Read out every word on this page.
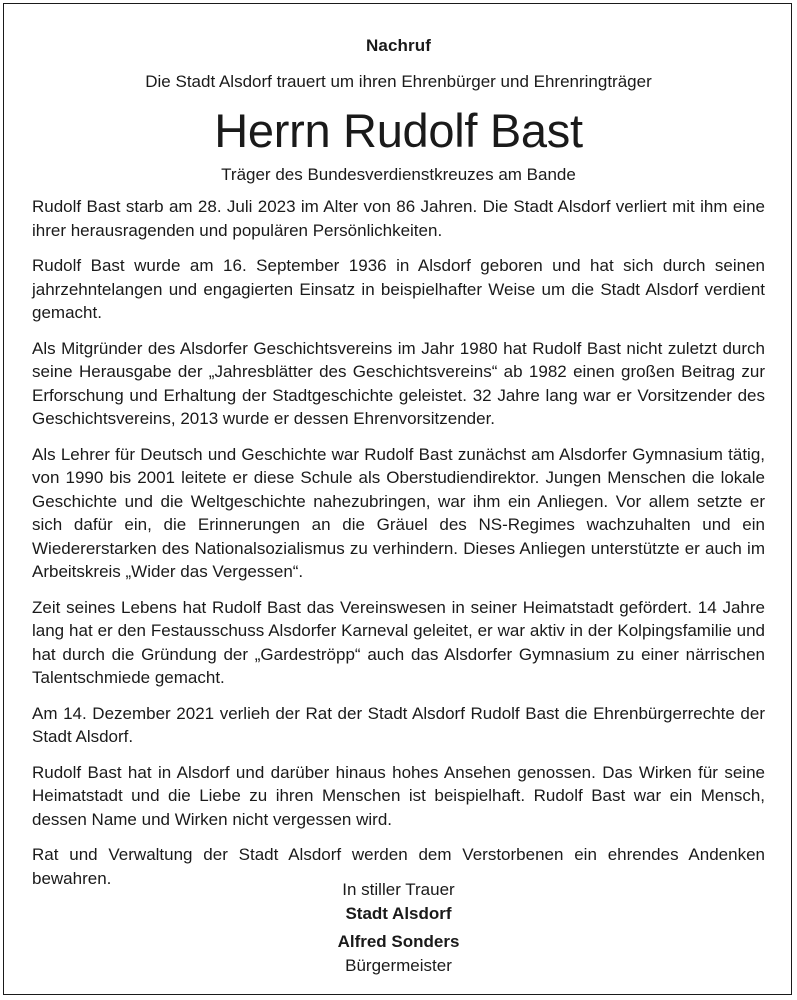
Nachruf
Die Stadt Alsdorf trauert um ihren Ehrenbürger und Ehrenringträger
Herrn Rudolf Bast
Träger des Bundesverdienstkreuzes am Bande

Rudolf Bast starb am 28. Juli 2023 im Alter von 86 Jahren. Die Stadt Alsdorf verliert mit ihm eine ihrer herausragenden und populären Persönlichkeiten.

Rudolf Bast wurde am 16. September 1936 in Alsdorf geboren und hat sich durch seinen jahrzehntelangen und engagierten Einsatz in beispielhafter Weise um die Stadt Alsdorf verdient gemacht.

Als Mitgründer des Alsdorfer Geschichtsvereins im Jahr 1980 hat Rudolf Bast nicht zuletzt durch seine Herausgabe der „Jahresblätter des Geschichtsvereins“ ab 1982 einen großen Beitrag zur Erforschung und Erhaltung der Stadtgeschichte geleistet. 32 Jahre lang war er Vorsitzender des Geschichtsvereins, 2013 wurde er dessen Ehrenvorsitzender.

Als Lehrer für Deutsch und Geschichte war Rudolf Bast zunächst am Alsdorfer Gymnasium tätig, von 1990 bis 2001 leitete er diese Schule als Oberstudiendirektor. Jungen Menschen die lokale Geschichte und die Weltgeschichte nahezubringen, war ihm ein Anliegen. Vor allem setzte er sich dafür ein, die Erinnerungen an die Gräuel des NS-Regimes wachzuhalten und ein Wiedererstarken des Nationalsozialismus zu verhindern. Dieses Anliegen unterstützte er auch im Arbeitskreis „Wider das Vergessen“.

Zeit seines Lebens hat Rudolf Bast das Vereinswesen in seiner Heimatstadt gefördert. 14 Jahre lang hat er den Festausschuss Alsdorfer Karneval geleitet, er war aktiv in der Kolpingsfamilie und hat durch die Gründung der „Gardeströpp“ auch das Alsdorfer Gymnasium zu einer närrischen Talentschmiede gemacht.

Am 14. Dezember 2021 verlieh der Rat der Stadt Alsdorf Rudolf Bast die Ehrenbürgerrechte der Stadt Alsdorf.

Rudolf Bast hat in Alsdorf und darüber hinaus hohes Ansehen genossen. Das Wirken für seine Heimatstadt und die Liebe zu ihren Menschen ist beispielhaft. Rudolf Bast war ein Mensch, dessen Name und Wirken nicht vergessen wird.

Rat und Verwaltung der Stadt Alsdorf werden dem Verstorbenen ein ehrendes Andenken bewahren.

In stiller Trauer
Stadt Alsdorf
Alfred Sonders
Bürgermeister
